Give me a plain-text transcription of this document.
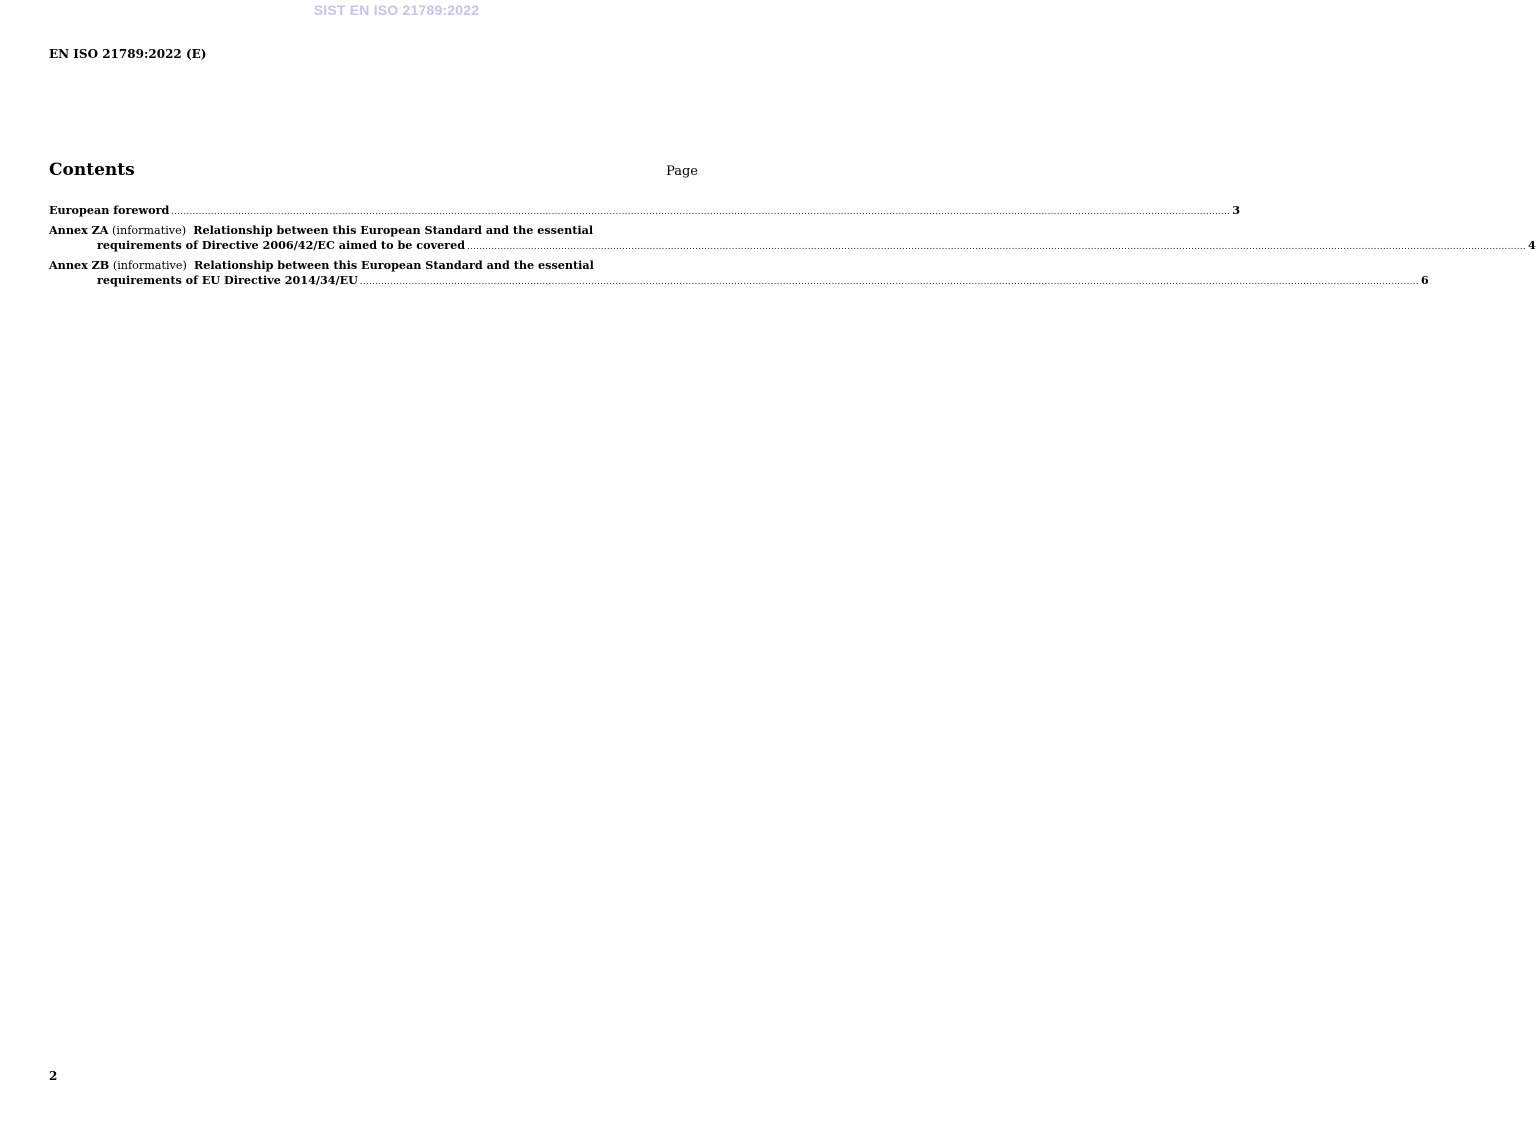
SIST EN ISO 21789:2022
EN ISO 21789:2022 (E)
Contents	Page
European foreword ............................................................................................................................................................................................................................................................................................................................................................ 3
Annex ZA (informative) Relationship between this European Standard and the essential
requirements of Directive 2006/42/EC aimed to be covered ............................................................................................................................................................................................................................................................................................................................................................ 4
Annex ZB (informative) Relationship between this European Standard and the essential
requirements of EU Directive 2014/34/EU ............................................................................................................................................................................................................................................................................................................................................................ 6
2
